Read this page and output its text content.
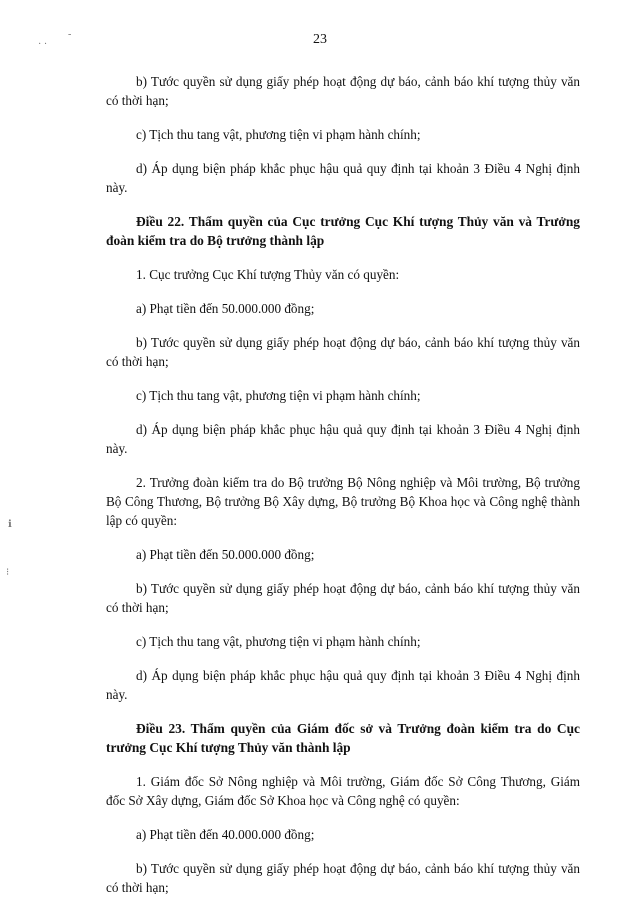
· ·
-
ℹ
⁝

23

b) Tước quyền sử dụng giấy phép hoạt động dự báo, cảnh báo khí tượng thủy văn có thời hạn;

c) Tịch thu tang vật, phương tiện vi phạm hành chính;

d) Áp dụng biện pháp khắc phục hậu quả quy định tại khoản 3 Điều 4 Nghị định này.

Điều 22. Thẩm quyền của Cục trưởng Cục Khí tượng Thủy văn và Trưởng đoàn kiểm tra do Bộ trưởng thành lập

1. Cục trưởng Cục Khí tượng Thủy văn có quyền:

a) Phạt tiền đến 50.000.000 đồng;

b) Tước quyền sử dụng giấy phép hoạt động dự báo, cảnh báo khí tượng thủy văn có thời hạn;

c) Tịch thu tang vật, phương tiện vi phạm hành chính;

d) Áp dụng biện pháp khắc phục hậu quả quy định tại khoản 3 Điều 4 Nghị định này.

2. Trưởng đoàn kiểm tra do Bộ trưởng Bộ Nông nghiệp và Môi trường, Bộ trưởng Bộ Công Thương, Bộ trưởng Bộ Xây dựng, Bộ trưởng Bộ Khoa học và Công nghệ thành lập có quyền:

a) Phạt tiền đến 50.000.000 đồng;

b) Tước quyền sử dụng giấy phép hoạt động dự báo, cảnh báo khí tượng thủy văn có thời hạn;

c) Tịch thu tang vật, phương tiện vi phạm hành chính;

d) Áp dụng biện pháp khắc phục hậu quả quy định tại khoản 3 Điều 4 Nghị định này.

Điều 23. Thẩm quyền của Giám đốc sở và Trưởng đoàn kiểm tra do Cục trưởng Cục Khí tượng Thủy văn thành lập

1. Giám đốc Sở Nông nghiệp và Môi trường, Giám đốc Sở Công Thương, Giám đốc Sở Xây dựng, Giám đốc Sở Khoa học và Công nghệ có quyền:

a) Phạt tiền đến 40.000.000 đồng;

b) Tước quyền sử dụng giấy phép hoạt động dự báo, cảnh báo khí tượng thủy văn có thời hạn;
